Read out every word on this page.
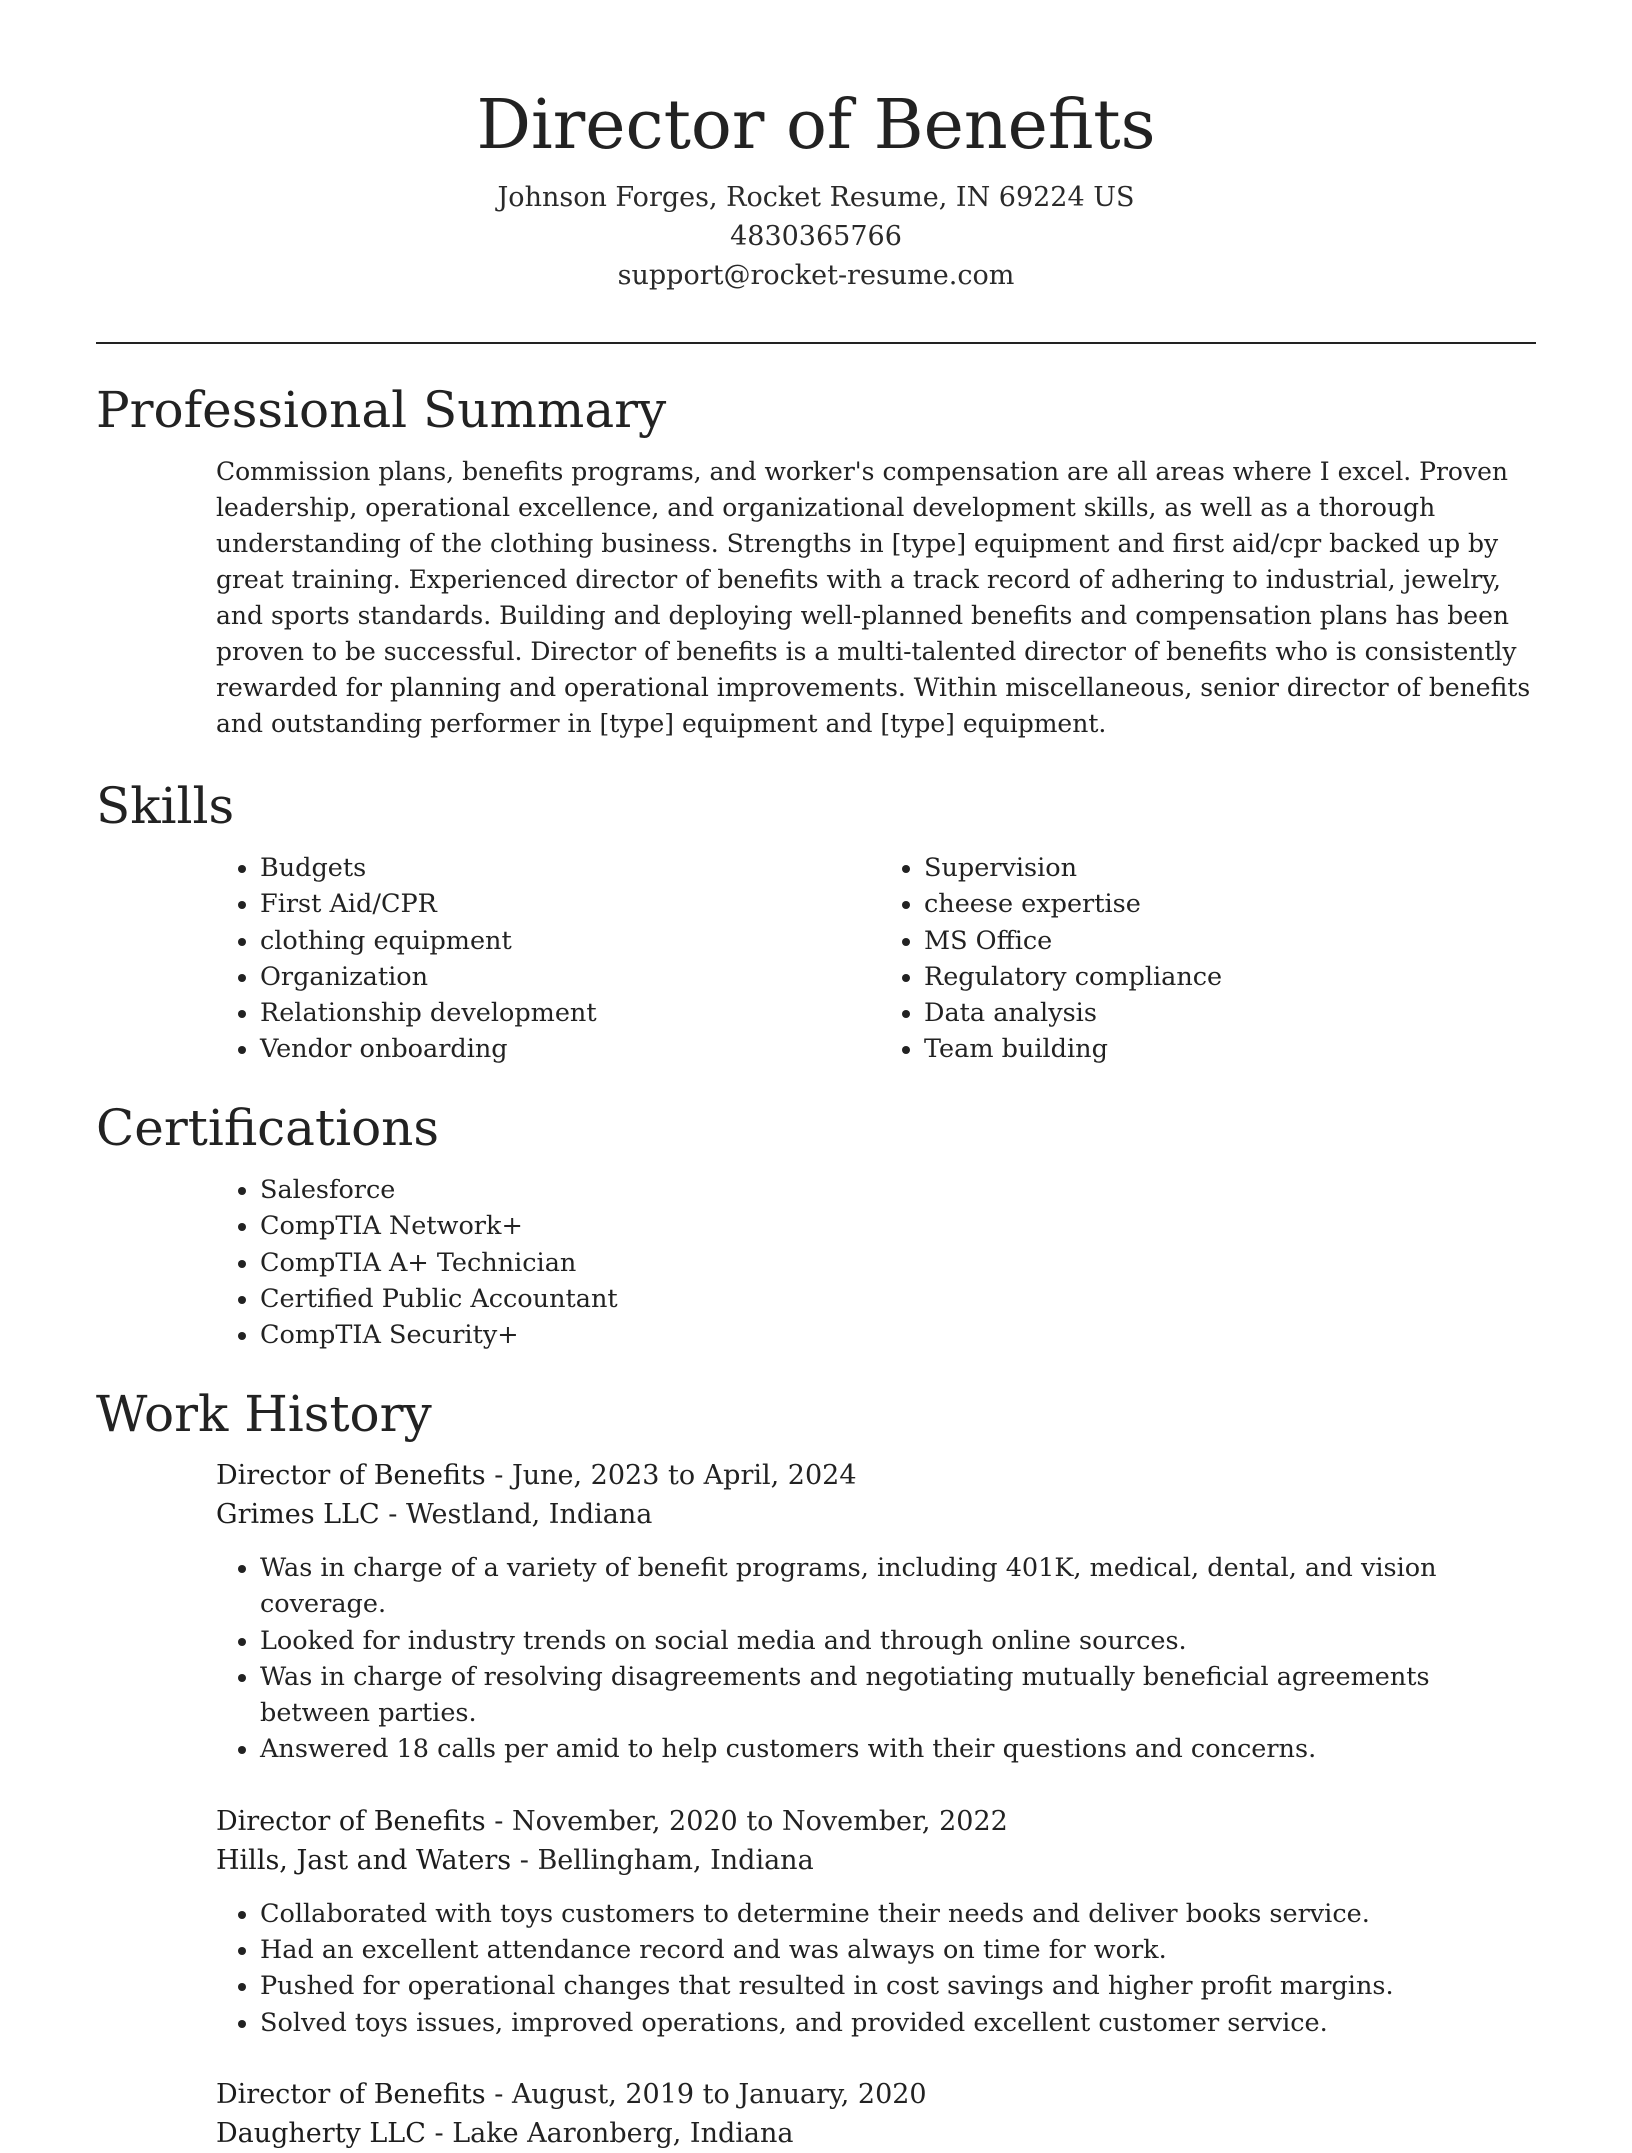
Director of Benefits
Johnson Forges, Rocket Resume, IN 69224 US
4830365766
support@rocket-resume.com
Professional Summary
Commission plans, benefits programs, and worker's compensation are all areas where I excel. Proven leadership, operational excellence, and organizational development skills, as well as a thorough understanding of the clothing business. Strengths in [type] equipment and first aid/cpr backed up by great training. Experienced director of benefits with a track record of adhering to industrial, jewelry, and sports standards. Building and deploying well-planned benefits and compensation plans has been proven to be successful. Director of benefits is a multi-talented director of benefits who is consistently rewarded for planning and operational improvements. Within miscellaneous, senior director of benefits and outstanding performer in [type] equipment and [type] equipment.
Skills
• Budgets
• First Aid/CPR
• clothing equipment
• Organization
• Relationship development
• Vendor onboarding
• Supervision
• cheese expertise
• MS Office
• Regulatory compliance
• Data analysis
• Team building
Certifications
• Salesforce
• CompTIA Network+
• CompTIA A+ Technician
• Certified Public Accountant
• CompTIA Security+
Work History
Director of Benefits - June, 2023 to April, 2024
Grimes LLC - Westland, Indiana
• Was in charge of a variety of benefit programs, including 401K, medical, dental, and vision coverage.
• Looked for industry trends on social media and through online sources.
• Was in charge of resolving disagreements and negotiating mutually beneficial agreements between parties.
• Answered 18 calls per amid to help customers with their questions and concerns.
Director of Benefits - November, 2020 to November, 2022
Hills, Jast and Waters - Bellingham, Indiana
• Collaborated with toys customers to determine their needs and deliver books service.
• Had an excellent attendance record and was always on time for work.
• Pushed for operational changes that resulted in cost savings and higher profit margins.
• Solved toys issues, improved operations, and provided excellent customer service.
Director of Benefits - August, 2019 to January, 2020
Daugherty LLC - Lake Aaronberg, Indiana
